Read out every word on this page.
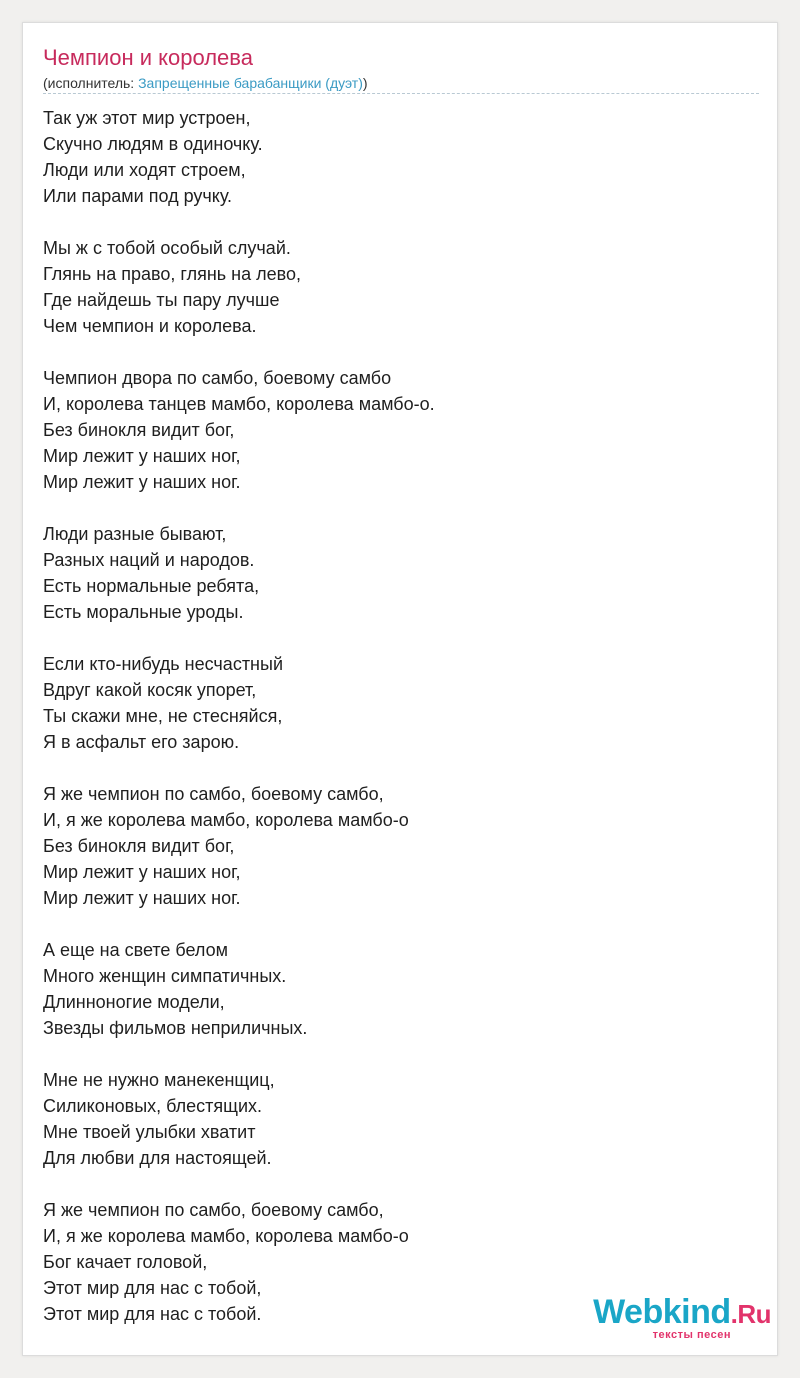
Чемпион и королева
(исполнитель: Запрещенные барабанщики (дуэт))
Так уж этот мир устроен,
Скучно людям в одиночку.
Люди или ходят строем,
Или парами под ручку.
Мы ж с тобой особый случай.
Глянь на право, глянь на лево,
Где найдешь ты пару лучше
Чем чемпион и королева.
Чемпион двора по самбо, боевому самбо
И, королева танцев мамбо, королева мамбо-о.
Без бинокля видит бог,
Мир лежит у наших ног,
Мир лежит у наших ног.
Люди разные бывают,
Разных наций и народов.
Есть нормальные ребята,
Есть моральные уроды.
Если кто-нибудь несчастный
Вдруг какой косяк упорет,
Ты скажи мне, не стесняйся,
Я в асфальт его зарою.
Я же чемпион по самбо, боевому самбо,
И, я же королева мамбо, королева мамбо-о
Без бинокля видит бог,
Мир лежит у наших ног,
Мир лежит у наших ног.
А еще на свете белом
Много женщин симпатичных.
Длинноногие модели,
Звезды фильмов неприличных.
Мне не нужно манекенщиц,
Силиконовых, блестящих.
Мне твоей улыбки хватит
Для любви для настоящей.
Я же чемпион по самбо, боевому самбо,
И, я же королева мамбо, королева мамбо-о
Бог качает головой,
Этот мир для нас с тобой,
Этот мир для нас с тобой.	Webkind.Ru
тексты песен
